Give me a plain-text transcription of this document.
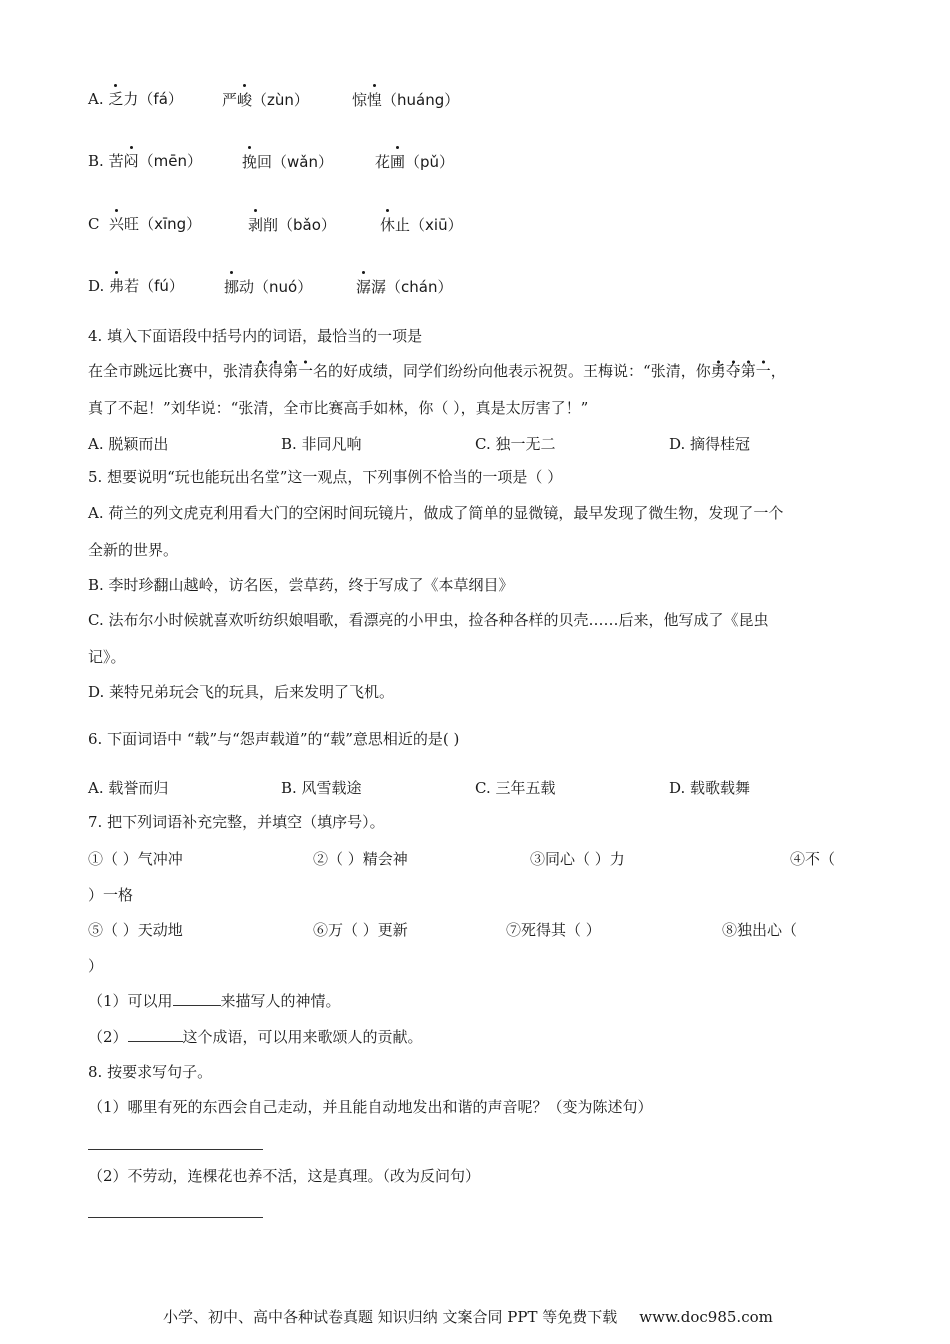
A. 乏力（fá）	严峻（zùn）	惊惶（huáng）
B. 苦闷（mēn）	挽回（wǎn）	花圃（pǔ）
C 兴旺（xīng）	剥削（bǎo）	休止（xiū）
D. 弗若（fú）	挪动（nuó）	潺潺（chán）
4. 填入下面语段中括号内的词语，最恰当的一项是
在全市跳远比赛中，张清获得第一名的好成绩，同学们纷纷向他表示祝贺。王梅说：“张清，你勇夺第一，
真了不起！”刘华说：“张清，全市比赛高手如林，你（ ），真是太厉害了！”
A. 脱颖而出	B. 非同凡响	C. 独一无二	D. 摘得桂冠
5. 想要说明“玩也能玩出名堂”这一观点，下列事例不恰当的一项是（ ）
A. 荷兰的列文虎克利用看大门的空闲时间玩镜片，做成了简单的显微镜，最早发现了微生物，发现了一个
全新的世界。
B. 李时珍翻山越岭，访名医，尝草药，终于写成了《本草纲目》
C. 法布尔小时候就喜欢听纺织娘唱歌，看漂亮的小甲虫，捡各种各样的贝壳……后来，他写成了《昆虫
记》。
D. 莱特兄弟玩会飞的玩具，后来发明了飞机。
6. 下面词语中 “载”与“怨声载道”的“载”意思相近的是( )
A. 载誉而归	B. 风雪载途	C. 三年五载	D. 载歌载舞
7. 把下列词语补充完整，并填空（填序号）。
①（ ）气冲冲	②（ ）精会神	③同心（ ）力	④不（
）一格
⑤（ ）天动地	⑥万（ ）更新	⑦死得其（ ）	⑧独出心（
）
（1）可以用	来描写人的神情。
（2）	这个成语，可以用来歌颂人的贡献。
8. 按要求写句子。
（1）哪里有死的东西会自己走动，并且能自动地发出和谐的声音呢？（变为陈述句）
（2）不劳动，连棵花也养不活，这是真理。（改为反问句）
小学、初中、高中各种试卷真题 知识归纳 文案合同 PPT 等免费下载 www.doc985.com
